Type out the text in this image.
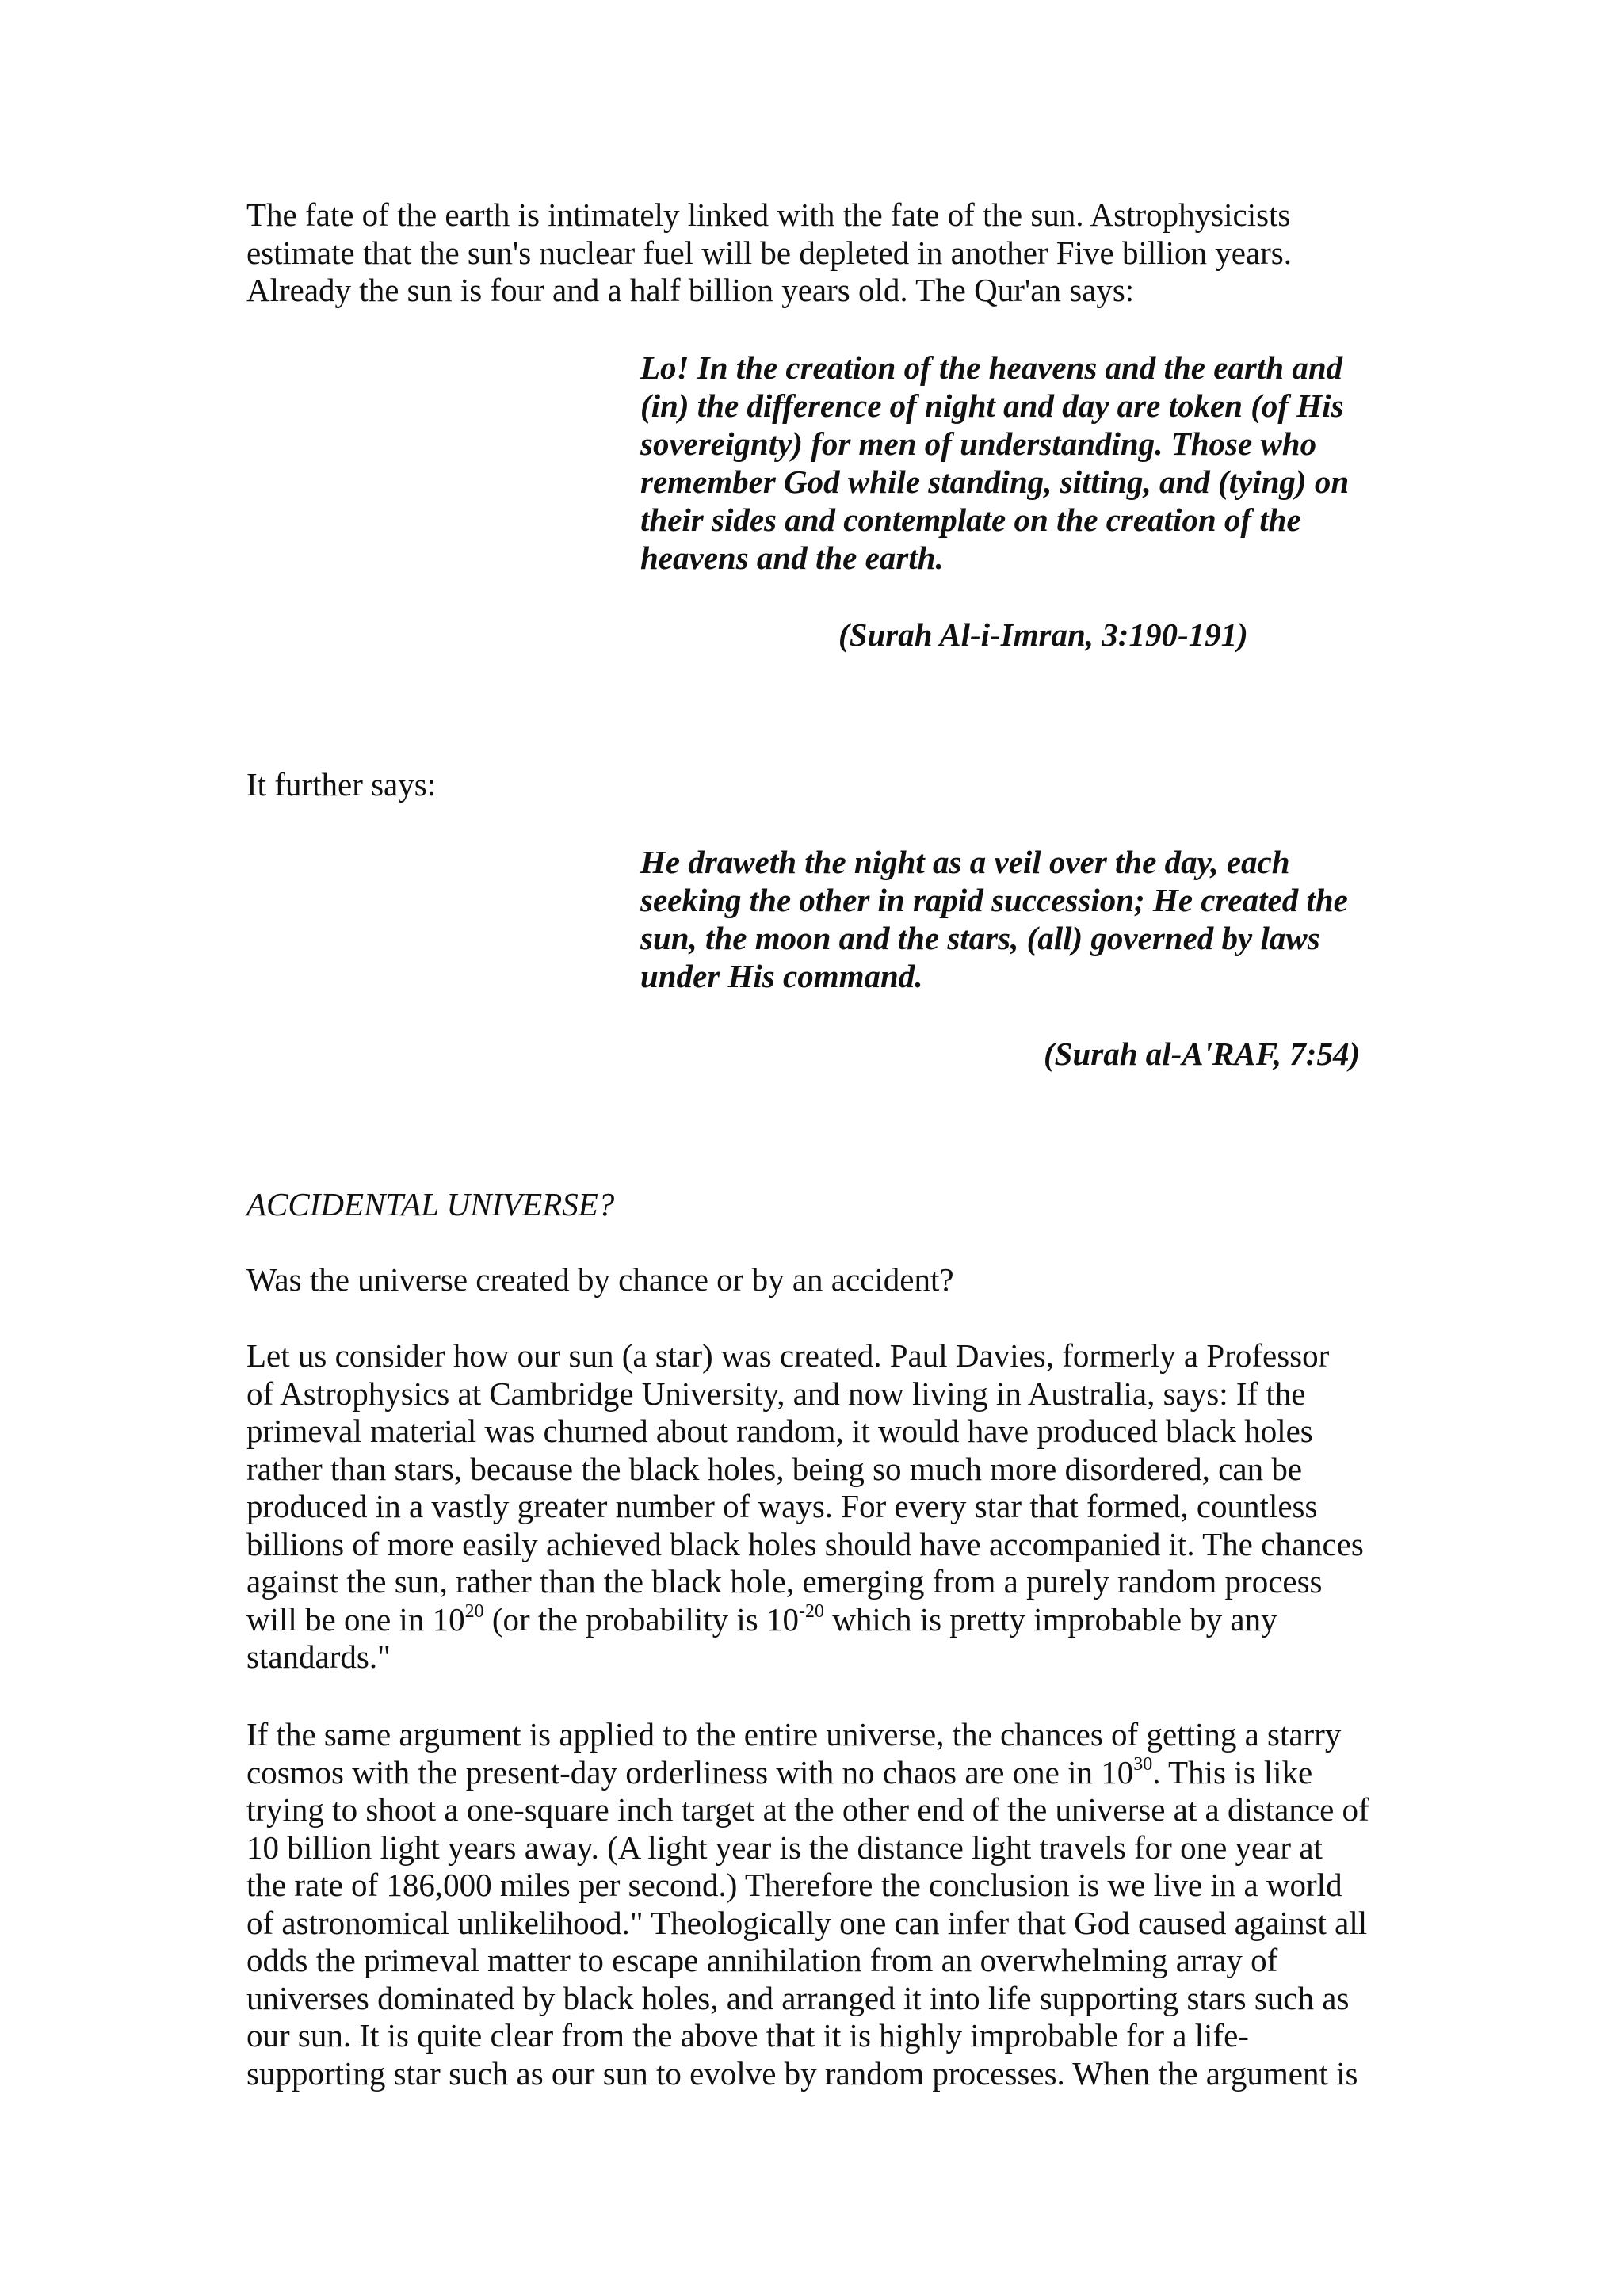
The fate of the earth is intimately linked with the fate of the sun. Astrophysicists
estimate that the sun's nuclear fuel will be depleted in another Five billion years.
Already the sun is four and a half billion years old. The Qur'an says:

Lo! In the creation of the heavens and the earth and
(in) the difference of night and day are token (of His
sovereignty) for men of understanding. Those who
remember God while standing, sitting, and (tying) on
their sides and contemplate on the creation of the
heavens and the earth.

(Surah Al-i-Imran, 3:190-191)

It further says:

He draweth the night as a veil over the day, each
seeking the other in rapid succession; He created the
sun, the moon and the stars, (all) governed by laws
under His command.

(Surah al-A'RAF, 7:54)

ACCIDENTAL UNIVERSE?

Was the universe created by chance or by an accident?

Let us consider how our sun (a star) was created. Paul Davies, formerly a Professor
of Astrophysics at Cambridge University, and now living in Australia, says: If the
primeval material was churned about random, it would have produced black holes
rather than stars, because the black holes, being so much more disordered, can be
produced in a vastly greater number of ways. For every star that formed, countless
billions of more easily achieved black holes should have accompanied it. The chances
against the sun, rather than the black hole, emerging from a purely random process
will be one in $10^{20}$ (or the probability is $10^{-20}$ which is pretty improbable by any
standards."

If the same argument is applied to the entire universe, the chances of getting a starry
cosmos with the present-day orderliness with no chaos are one in $10^{30}$. This is like
trying to shoot a one-square inch target at the other end of the universe at a distance of
10 billion light years away. (A light year is the distance light travels for one year at
the rate of 186,000 miles per second.) Therefore the conclusion is we live in a world
of astronomical unlikelihood." Theologically one can infer that God caused against all
odds the primeval matter to escape annihilation from an overwhelming array of
universes dominated by black holes, and arranged it into life supporting stars such as
our sun. It is quite clear from the above that it is highly improbable for a life-
supporting star such as our sun to evolve by random processes. When the argument is
